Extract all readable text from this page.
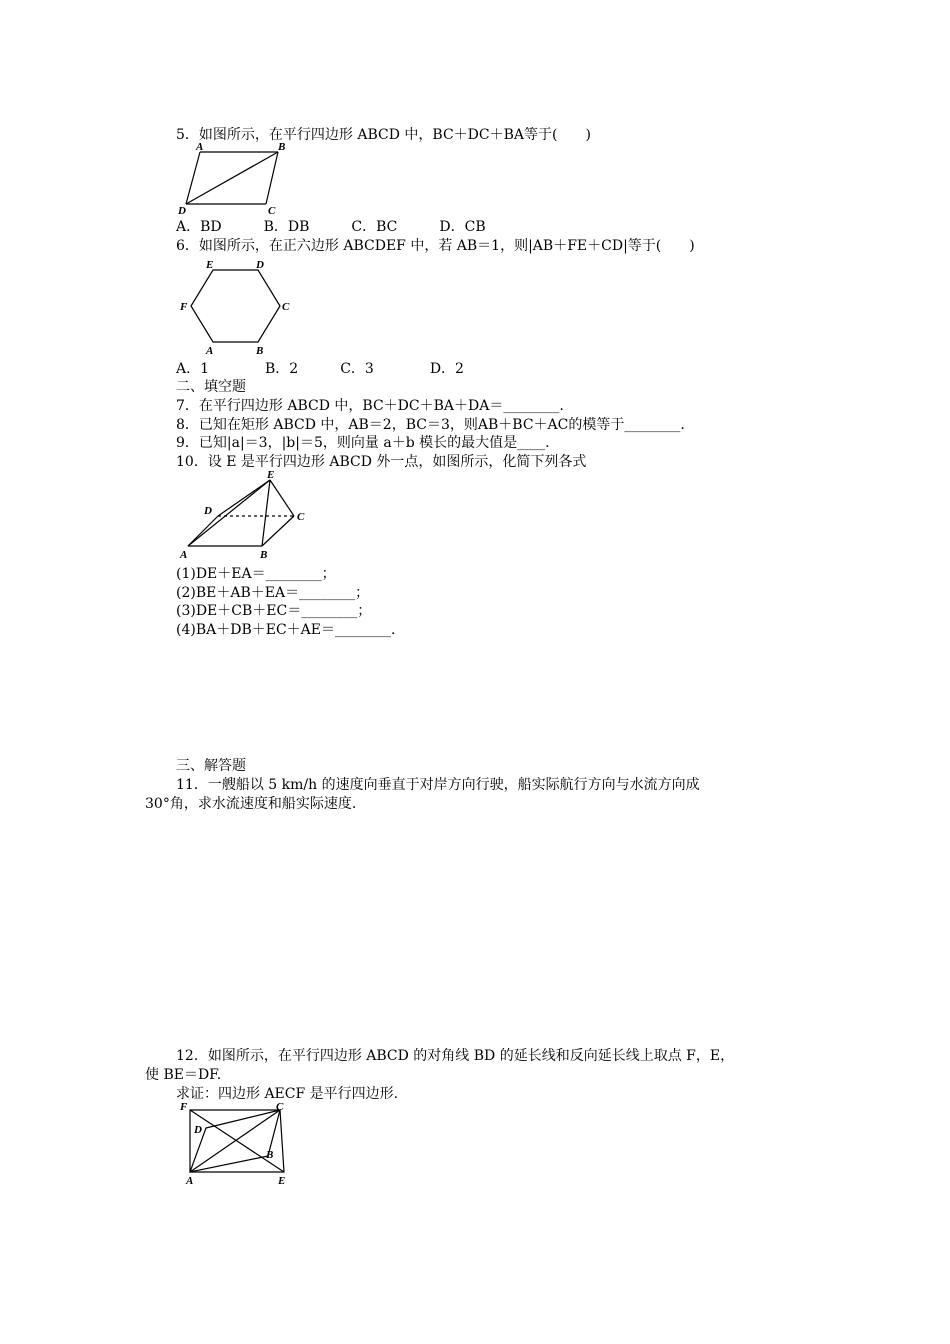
5．如图所示，在平行四边形 ABCD 中，BC＋DC＋BA等于(　　)
A	B
C
D
A．BD　　　B．DB　　　C．BC　　　D．CB
6．如图所示，在正六边形 ABCDEF 中，若 AB＝1，则|AB＋FE＋CD|等于(　　)
E	D
C
F
A	B
A．1　　　　B．2　　　C．3　　　　D．2
二、填空题
7．在平行四边形 ABCD 中，BC＋DC＋BA＋DA＝________.
8．已知在矩形 ABCD 中，AB＝2，BC＝3，则AB＋BC＋AC的模等于________.
9．已知|a|＝3，|b|＝5，则向量 a＋b 模长的最大值是____.
10．设 E 是平行四边形 ABCD 外一点，如图所示，化简下列各式
E
D	C
A	B
(1)DE＋EA＝________；
(2)BE＋AB＋EA＝________；
(3)DE＋CB＋EC＝________；
(4)BA＋DB＋EC＋AE＝________.
三、解答题
11．一艘船以 5 km/h 的速度向垂直于对岸方向行驶，船实际航行方向与水流方向成
30°角，求水流速度和船实际速度.
12．如图所示，在平行四边形 ABCD 的对角线 BD 的延长线和反向延长线上取点 F，E，
使 BE＝DF.
求证：四边形 AECF 是平行四边形.
F	C
D
B
A	E
